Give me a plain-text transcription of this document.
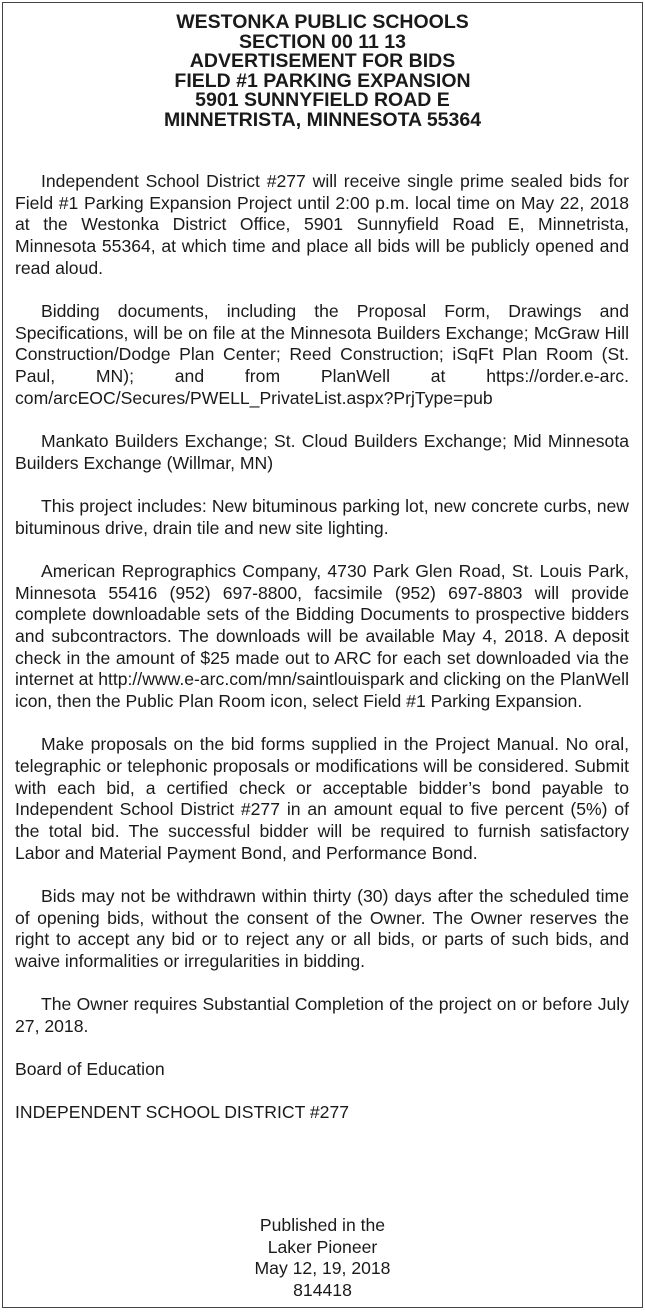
WESTONKA PUBLIC SCHOOLS
SECTION 00 11 13
ADVERTISEMENT FOR BIDS
FIELD #1 PARKING EXPANSION
5901 SUNNYFIELD ROAD E
MINNETRISTA, MINNESOTA 55364

Independent School District #277 will receive single prime sealed bids for Field #1 Parking Expansion Project until 2:00 p.m. local time on May 22, 2018 at the Westonka District Office, 5901 Sunnyfield Road E, Minnetrista, Minnesota 55364, at which time and place all bids will be publicly opened and read aloud.

Bidding documents, including the Proposal Form, Drawings and Specifications, will be on file at the Minnesota Builders Exchange; McGraw Hill Construction/Dodge Plan Center; Reed Construction; iSqFt Plan Room (St. Paul, MN); and from PlanWell at https://order.e-arc.​com/arcEOC/Secures/PWELL_PrivateList.aspx?PrjType=pub

Mankato Builders Exchange; St. Cloud Builders Exchange; Mid Minnesota Builders Exchange (Willmar, MN)

This project includes: New bituminous parking lot, new concrete curbs, new bituminous drive, drain tile and new site lighting.

American Reprographics Company, 4730 Park Glen Road, St. Louis Park, Minnesota 55416 (952) 697-8800, facsimile (952) 697-8803 will provide complete downloadable sets of the Bidding Documents to prospective bidders and subcontractors. The downloads will be available May 4, 2018. A deposit check in the amount of $25 made out to ARC for each set downloaded via the internet at http://www.e-arc.com/mn/​saintlouispark and clicking on the PlanWell icon, then the Public Plan Room icon, select Field #1 Parking Expansion.

Make proposals on the bid forms supplied in the Project Manual. No oral, telegraphic or telephonic proposals or modifications will be considered. Submit with each bid, a certified check or acceptable bidder’s bond payable to Independent School District #277 in an amount equal to five percent (5%) of the total bid. The successful bidder will be required to furnish satisfactory Labor and Material Payment Bond, and Performance Bond.

Bids may not be withdrawn within thirty (30) days after the scheduled time of opening bids, without the consent of the Owner. The Owner reserves the right to accept any bid or to reject any or all bids, or parts of such bids, and waive informalities or irregularities in bidding.

The Owner requires Substantial Completion of the project on or before July 27, 2018.

Board of Education

INDEPENDENT SCHOOL DISTRICT #277

Published in the
Laker Pioneer
May 12, 19, 2018
814418
